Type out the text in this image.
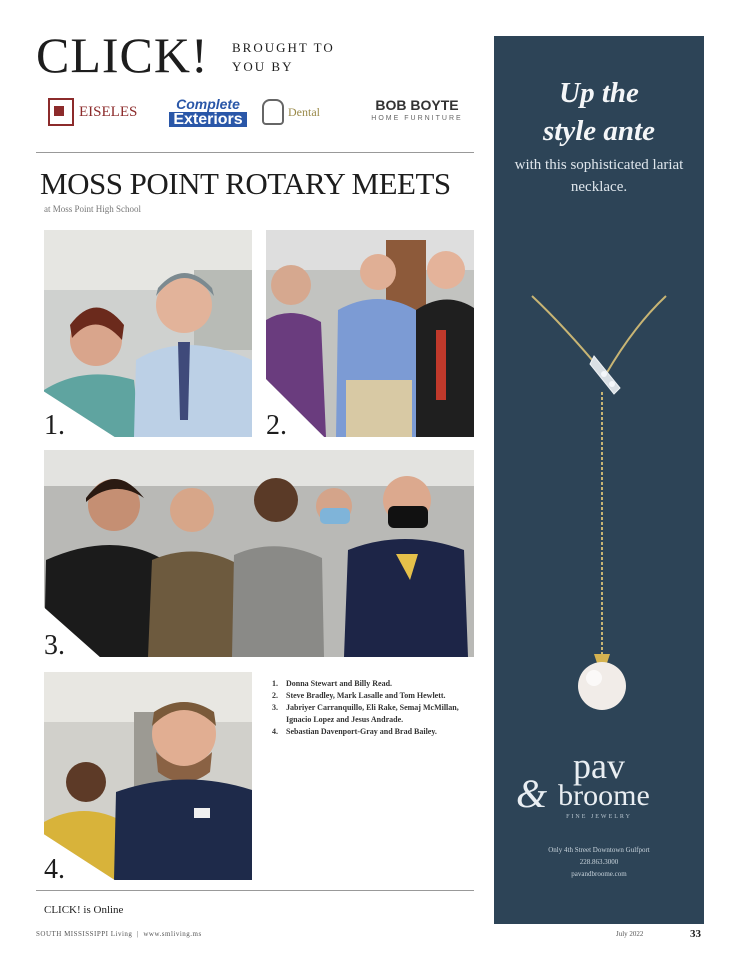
CLICK! BROUGHT TO
YOU BY
EISELES	Complete
Exteriors	Dental	BOB BOYTE
HOME FURNITURE
MOSS POINT ROTARY MEETS
at Moss Point High School
1.	2.
3.
4.
1.	Donna Stewart and Billy Read.
2.	Steve Bradley, Mark Lasalle and Tom Hewlett.
3.	Jabriyer Carranquillo, Eli Rake, Semaj McMillan, Ignacio Lopez and Jesus Andrade.
4.	Sebastian Davenport-Gray and Brad Bailey.
CLICK! is Online
SOUTH MISSISSIPPI Living  |  www.smliving.ms	July 2022	33
Up the
style ante
with this sophisticated lariat necklace.
pav
& broome
FINE JEWELRY
Only 4th Street Downtown Gulfport
228.863.3000
pavandbroome.com
